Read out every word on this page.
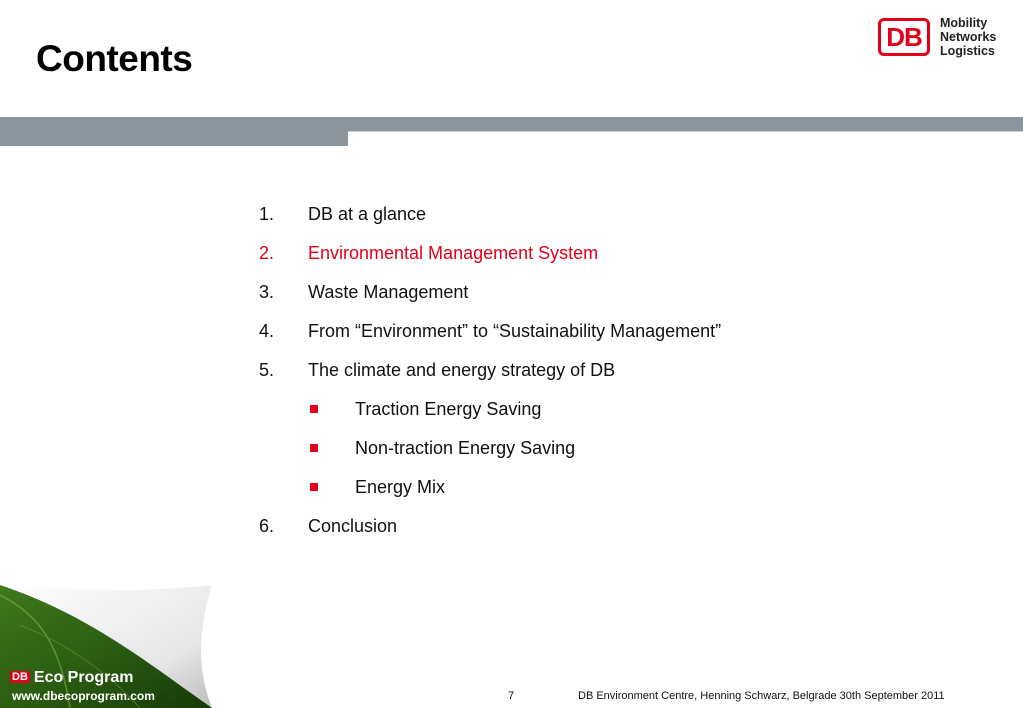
Contents
DB	Mobility
Networks
Logistics
1. DB at a glance
2. Environmental Management System
3. Waste Management
4. From “Environment” to “Sustainability Management”
5. The climate and energy strategy of DB
Traction Energy Saving
Non-traction Energy Saving
Energy Mix
6. Conclusion
DB Eco Program
www.dbecoprogram.com	7	DB Environment Centre, Henning Schwarz, Belgrade 30th September 2011
